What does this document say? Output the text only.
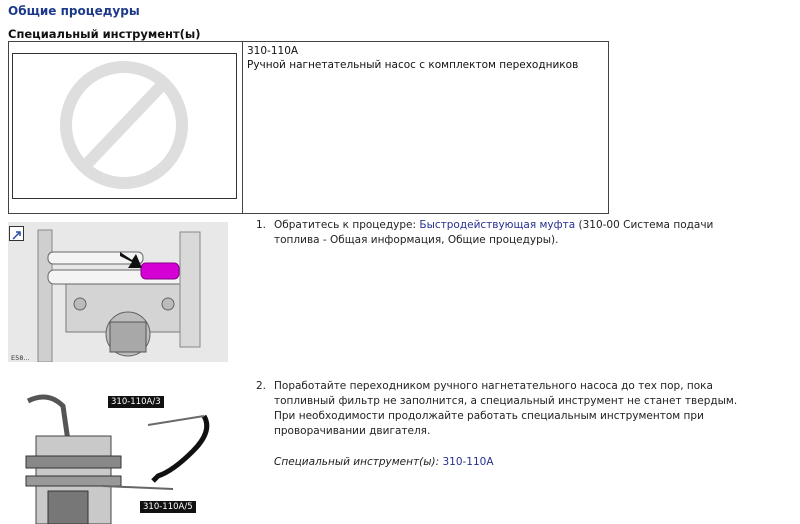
Общие процедуры
Специальный инструмент(ы)
310-110A
Ручной нагнетательный насос с комплектом переходников
E58...
1. Обратитесь к процедуре: Быстродействующая муфта (310-00 Система подачи
топлива - Общая информация, Общие процедуры).
310-110A/3
310-110A/5
2. Поработайте переходником ручного нагнетательного насоса до тех пор, пока
топливный фильтр не заполнится, а специальный инструмент не станет твердым.
При необходимости продолжайте работать специальным инструментом при
проворачивании двигателя.
Специальный инструмент(ы): 310-110A
